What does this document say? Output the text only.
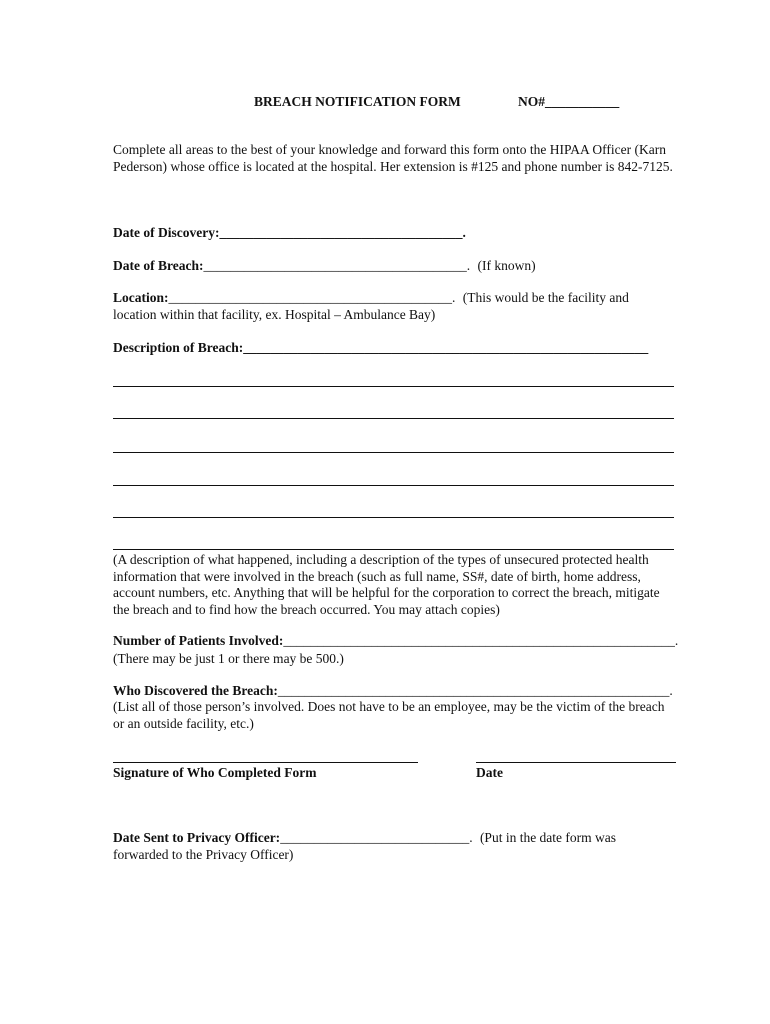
BREACH NOTIFICATION FORM	NO#___________
Complete all areas to the best of your knowledge and forward this form onto the HIPAA Officer (Karn Pederson) whose office is located at the hospital. Her extension is #125 and phone number is 842-7125.
Date of Discovery:____________________________________.
Date of Breach:_______________________________________. (If known)
Location:__________________________________________. (This would be the facility and
location within that facility, ex. Hospital – Ambulance Bay)
Description of Breach:____________________________________________________________
(A description of what happened, including a description of the types of unsecured protected health information that were involved in the breach (such as full name, SS#, date of birth, home address, account numbers, etc. Anything that will be helpful for the corporation to correct the breach, mitigate the breach and to find how the breach occurred. You may attach copies)
Number of Patients Involved:__________________________________________________________.
(There may be just 1 or there may be 500.)
Who Discovered the Breach:__________________________________________________________.
(List all of those person’s involved. Does not have to be an employee, may be the victim of the breach or an outside facility, etc.)
Signature of Who Completed Form	Date
Date Sent to Privacy Officer:____________________________. (Put in the date form was
forwarded to the Privacy Officer)
